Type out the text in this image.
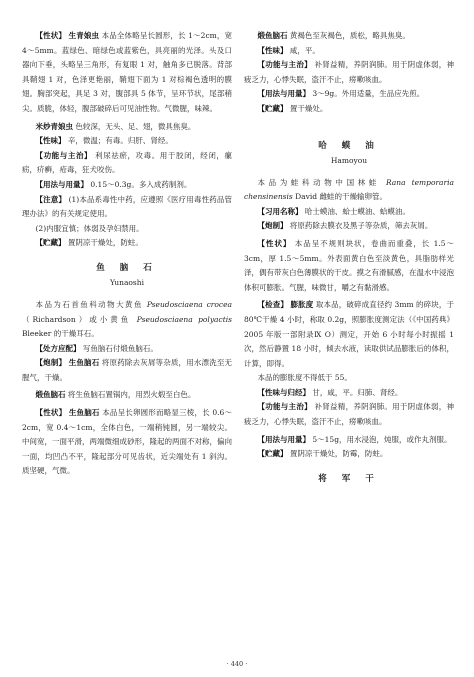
【性状】 生青娘虫 本品全体略呈长圆形，长 1～2cm，宽 4～5mm。蓝绿色、暗绿色或蓝紫色，具亮丽的光泽。头及口器向下垂，头略呈三角形，有复眼 1 对，触角多已脱落。背部具鞘翅 1 对，色泽更艳丽，鞘翅下面为 1 对棕褐色透明的膜翅。胸部突起，具足 3 对，腹部具 5 体节，呈环节状，尾部稍尖。质脆，体轻，腹部破碎后可见油性物。气微腥，味辣。

米炒青娘虫 色较深，无头、足、翅，微具焦臭。

【性味】 辛，微温；有毒。归肝、肾经。

【功能与主治】 利尿祛瘀，攻毒。用于胶闭，经闭，瘰疬，疥癣，疮毒，狂犬咬伤。

【用法与用量】 0.15～0.3g。多入成药制剂。

【注意】 (1)本品系毒性中药，应遵照《医疗用毒性药品管理办法》的有关规定使用。

(2)内服宜慎；体弱及孕妇禁用。

【贮藏】 置阴凉干燥处，防蛀。

鱼 脑 石
Yunaoshi

本品为石首鱼科动物大黄鱼 Pseudosciaena crocea（Richardson）或小黄鱼 Pseudosciaena polyactis Bleeker 的干燥耳石。

【处方应配】 写鱼脑石付煅鱼脑石。

【炮制】 生鱼脑石 将原药除去灰屑等杂质，用水漂洗至无腥气，干燥。

煅鱼脑石 将生鱼脑石置锅内，用烈火煅至白色。

【性状】 生鱼脑石 本品呈长卵圆形而略显三棱，长 0.6～2cm，宽 0.4～1cm，全体白色，一端稍钝圆，另一端较尖。中间宽，一面平滑，两端微细成砂形，隆起的两面不对称，偏向一面，均凹凸不平，隆起部分可见齿状，近尖端处有 1 斜沟。质坚硬，气微。

煅鱼脑石 黄褐色至灰褐色，质松，略具焦臭。

【性味】 咸，平。

【功能与主治】 补肾益精，养阴润肺。用于阴虚体弱，神疲乏力，心悸失眠，盗汗不止，痨嗽咳血。

【用法与用量】 3～9g。外用适量，生品应先煎。

【贮藏】 置干燥处。

哈 蟆 油
Hamoyou

本品为蛙科动物中国林蛙 Rana temporaria chensinensis David 雌蛙的干燥输卵管。

【习用名称】 哈士蟆油、蛤士蟆油、蛤蟆油。

【炮制】 将原药除去膜衣及黑子等杂质，筛去灰屑。

【性状】 本品呈不规则块状，卷曲而重叠，长 1.5～3cm，厚 1.5～5mm。外表面黄白色至淡黄色，具脂肪样光泽，偶有带灰白色薄膜状的干皮。摸之有滑腻感，在温水中浸泡体积可膨胀。气腥，味微甘，嚼之有黏滑感。

【检查】 膨胀度 取本品，破碎成直径约 3mm 的碎块，于 80℃干燥 4 小时，称取 0.2g，照膨胀度测定法（《中国药典》2005 年版一部附录Ⅸ O）测定，开始 6 小时每小时振摇 1 次，然后静置 18 小时，倾去水液，读取供试品膨胀后的体积，计算，即得。

本品的膨胀度不得低于 55。

【性味与归经】 甘，咸，平。归肺、肾经。

【功能与主治】 补肾益精，养阴润肺。用于阴虚体弱，神疲乏力，心悸失眠，盗汗不止，痨嗽咳血。

【用法与用量】 5～15g，用水浸泡，炖服，或作丸剂服。

【贮藏】 置阴凉干燥处，防霉，防蛀。

将 军 干
· 440 ·
